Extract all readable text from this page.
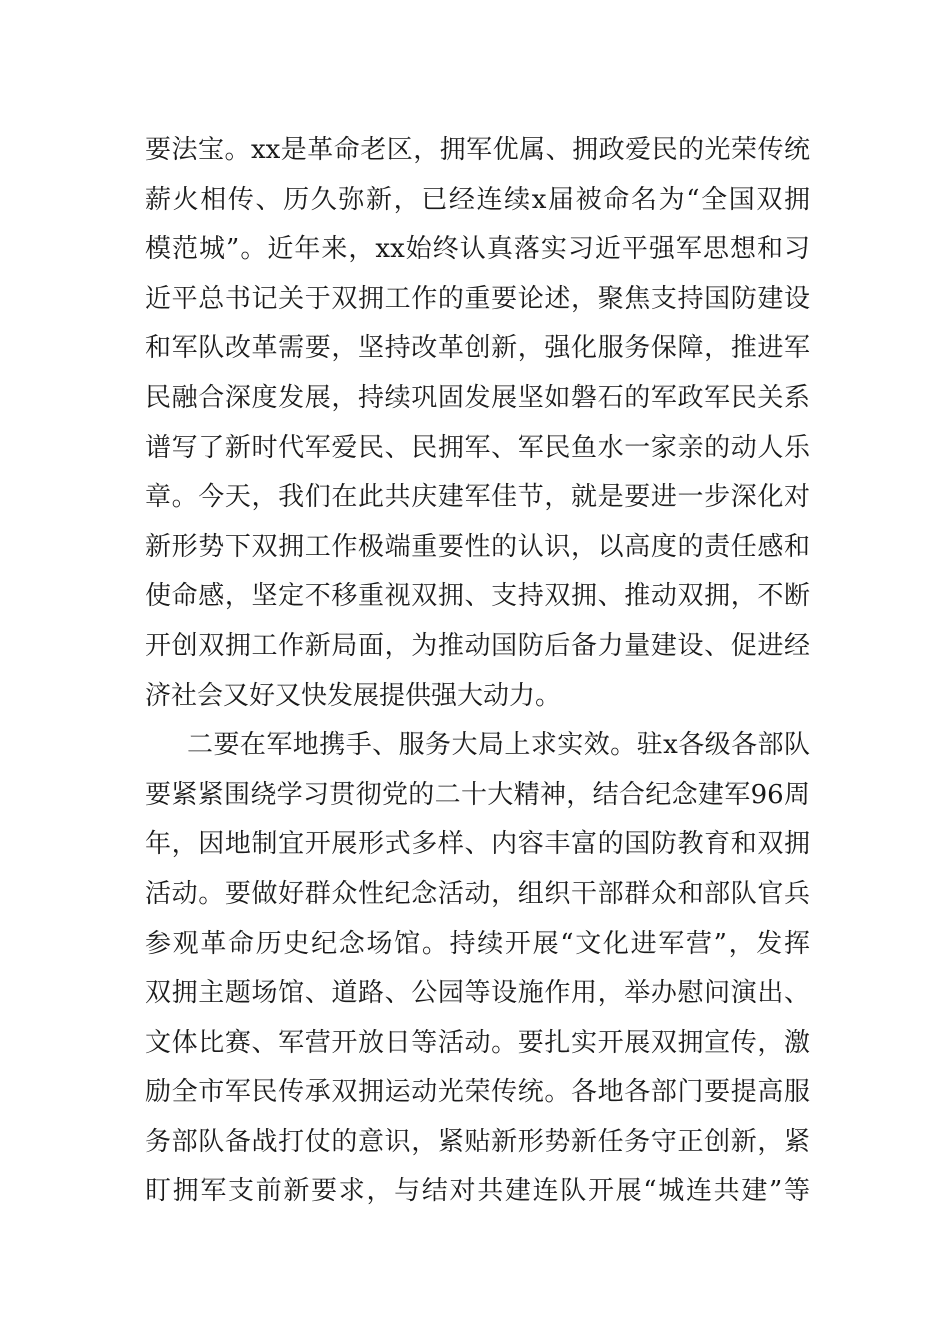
要法宝。xx是革命老区，拥军优属、拥政爱民的光荣传统
薪火相传、历久弥新，已经连续x届被命名为“全国双拥
模范城”。近年来，xx始终认真落实习近平强军思想和习
近平总书记关于双拥工作的重要论述，聚焦支持国防建设
和军队改革需要，坚持改革创新，强化服务保障，推进军
民融合深度发展，持续巩固发展坚如磐石的军政军民关系
谱写了新时代军爱民、民拥军、军民鱼水一家亲的动人乐
章。今天，我们在此共庆建军佳节，就是要进一步深化对
新形势下双拥工作极端重要性的认识，以高度的责任感和
使命感，坚定不移重视双拥、支持双拥、推动双拥，不断
开创双拥工作新局面，为推动国防后备力量建设、促进经
济社会又好又快发展提供强大动力。
二要在军地携手、服务大局上求实效。驻x各级各部队
要紧紧围绕学习贯彻党的二十大精神，结合纪念建军96周
年，因地制宜开展形式多样、内容丰富的国防教育和双拥
活动。要做好群众性纪念活动，组织干部群众和部队官兵
参观革命历史纪念场馆。持续开展“文化进军营”，发挥
双拥主题场馆、道路、公园等设施作用，举办慰问演出、
文体比赛、军营开放日等活动。要扎实开展双拥宣传，激
励全市军民传承双拥运动光荣传统。各地各部门要提高服
务部队备战打仗的意识，紧贴新形势新任务守正创新，紧
盯拥军支前新要求，与结对共建连队开展“城连共建”等
